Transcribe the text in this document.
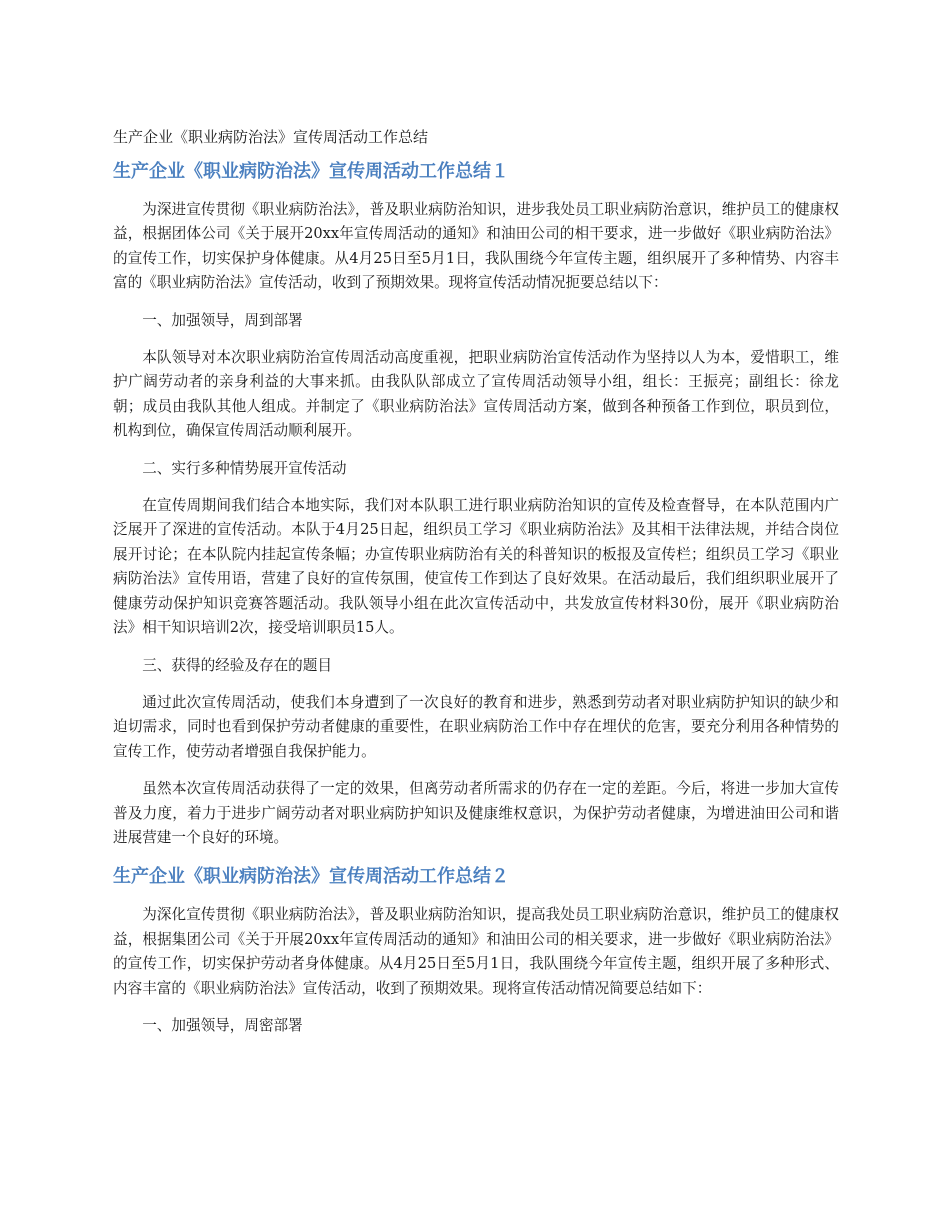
生产企业《职业病防治法》宣传周活动工作总结
生产企业《职业病防治法》宣传周活动工作总结１

为深进宣传贯彻《职业病防治法》，普及职业病防治知识，进步我处员工职业病防治意识，维护员工的健康权益，根据团体公司《关于展开20xx年宣传周活动的通知》和油田公司的相干要求，进一步做好《职业病防治法》的宣传工作，切实保护身体健康。从4月25日至5月1日，我队围绕今年宣传主题，组织展开了多种情势、内容丰富的《职业病防治法》宣传活动，收到了预期效果。现将宣传活动情况扼要总结以下：

一、加强领导，周到部署

本队领导对本次职业病防治宣传周活动高度重视，把职业病防治宣传活动作为坚持以人为本，爱惜职工，维护广阔劳动者的亲身利益的大事来抓。由我队队部成立了宣传周活动领导小组，组长：王振亮；副组长：徐龙朝；成员由我队其他人组成。并制定了《职业病防治法》宣传周活动方案，做到各种预备工作到位，职员到位，机构到位，确保宣传周活动顺利展开。

二、实行多种情势展开宣传活动

在宣传周期间我们结合本地实际，我们对本队职工进行职业病防治知识的宣传及检查督导，在本队范围内广泛展开了深进的宣传活动。本队于4月25日起，组织员工学习《职业病防治法》及其相干法律法规，并结合岗位展开讨论；在本队院内挂起宣传条幅；办宣传职业病防治有关的科普知识的板报及宣传栏；组织员工学习《职业病防治法》宣传用语，营建了良好的宣传氛围，使宣传工作到达了良好效果。在活动最后，我们组织职业展开了健康劳动保护知识竞赛答题活动。我队领导小组在此次宣传活动中，共发放宣传材料30份，展开《职业病防治法》相干知识培训2次，接受培训职员15人。

三、获得的经验及存在的题目

通过此次宣传周活动，使我们本身遭到了一次良好的教育和进步，熟悉到劳动者对职业病防护知识的缺少和迫切需求，同时也看到保护劳动者健康的重要性，在职业病防治工作中存在埋伏的危害，要充分利用各种情势的宣传工作，使劳动者增强自我保护能力。

虽然本次宣传周活动获得了一定的效果，但离劳动者所需求的仍存在一定的差距。今后，将进一步加大宣传普及力度，着力于进步广阔劳动者对职业病防护知识及健康维权意识，为保护劳动者健康，为增进油田公司和谐进展营建一个良好的环境。

生产企业《职业病防治法》宣传周活动工作总结２

为深化宣传贯彻《职业病防治法》，普及职业病防治知识，提高我处员工职业病防治意识，维护员工的健康权益，根据集团公司《关于开展20xx年宣传周活动的通知》和油田公司的相关要求，进一步做好《职业病防治法》的宣传工作，切实保护劳动者身体健康。从4月25日至5月1日，我队围绕今年宣传主题，组织开展了多种形式、内容丰富的《职业病防治法》宣传活动，收到了预期效果。现将宣传活动情况简要总结如下：

一、加强领导，周密部署
